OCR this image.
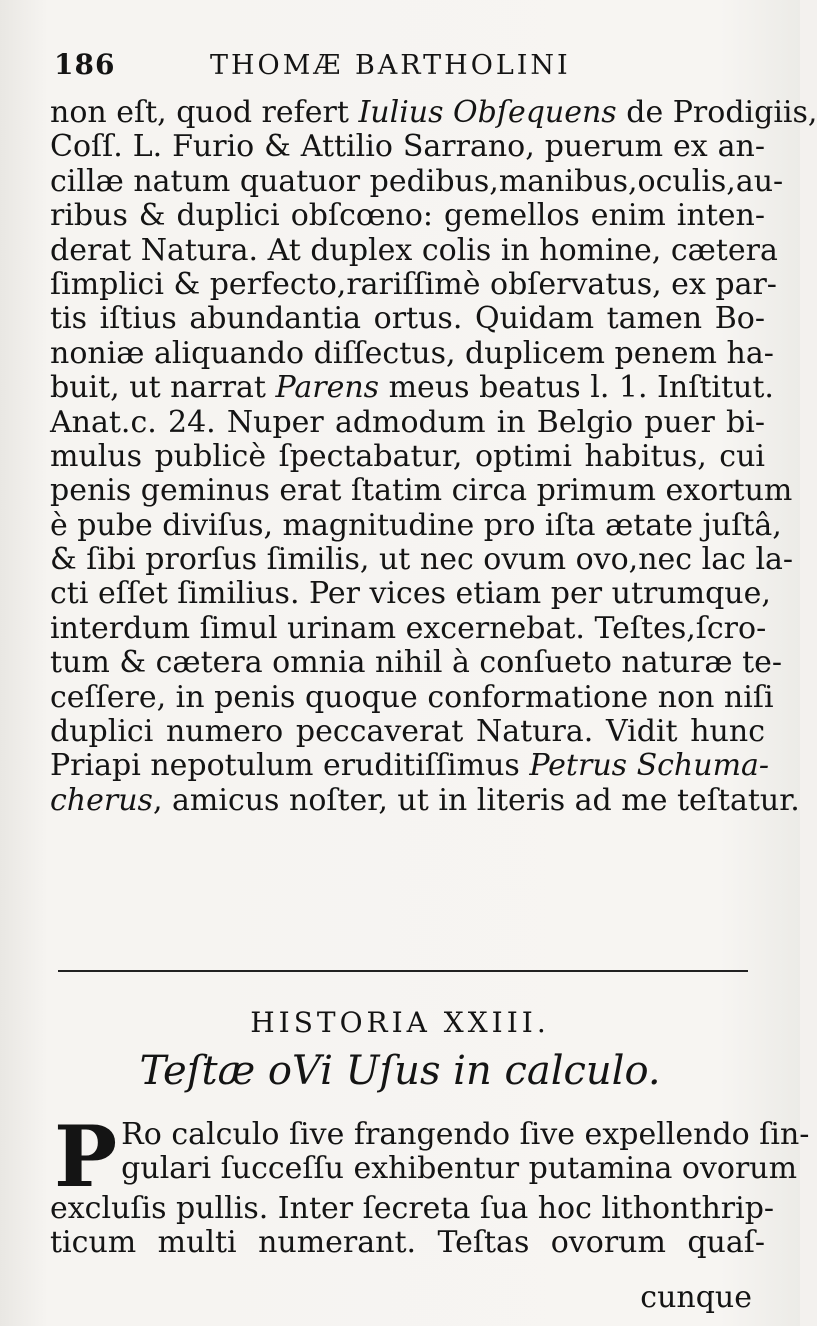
186	THOMÆ BARTHOLINI
non eſt, quod refert Iulius Obſequens de Prodigiis,
Coſſ. L. Furio & Attilio Sarrano, puerum ex an-
cillæ natum quatuor pedibus,manibus,oculis,au-
ribus & duplici obſcœno: gemellos enim inten-
derat Natura. At duplex colis in homine, cætera
ſimplici & perfecto,rariſſimè obſervatus, ex par-
tis iſtius abundantia ortus. Quidam tamen Bo-
noniæ aliquando diſſectus, duplicem penem ha-
buit, ut narrat Parens meus beatus l. 1. Inſtitut.
Anat.c. 24. Nuper admodum in Belgio puer bi-
mulus publicè ſpectabatur, optimi habitus, cui
penis geminus erat ſtatim circa primum exortum
è pube diviſus, magnitudine pro iſta ætate juſtâ,
& ſibi prorſus ſimilis, ut nec ovum ovo,nec lac la-
cti eſſet ſimilius. Per vices etiam per utrumque,
interdum ſimul urinam excernebat. Teſtes,ſcro-
tum & cætera omnia nihil à conſueto naturæ te-
ceſſere, in penis quoque conformatione non niſi
duplici numero peccaverat Natura. Vidit hunc
Priapi nepotulum eruditiſſimus Petrus Schuma-
cherus, amicus noſter, ut in literis ad me teſtatur.
HISTORIA XXIII.
Teſtæ oVi Uſus in calculo.
P Ro calculo ſive frangendo ſive expellendo ſin-
gulari ſucceſſu exhibentur putamina ovorum
excluſis pullis. Inter ſecreta ſua hoc lithonthrip-
ticum multi numerant. Teſtas ovorum quaſ-
cunque
